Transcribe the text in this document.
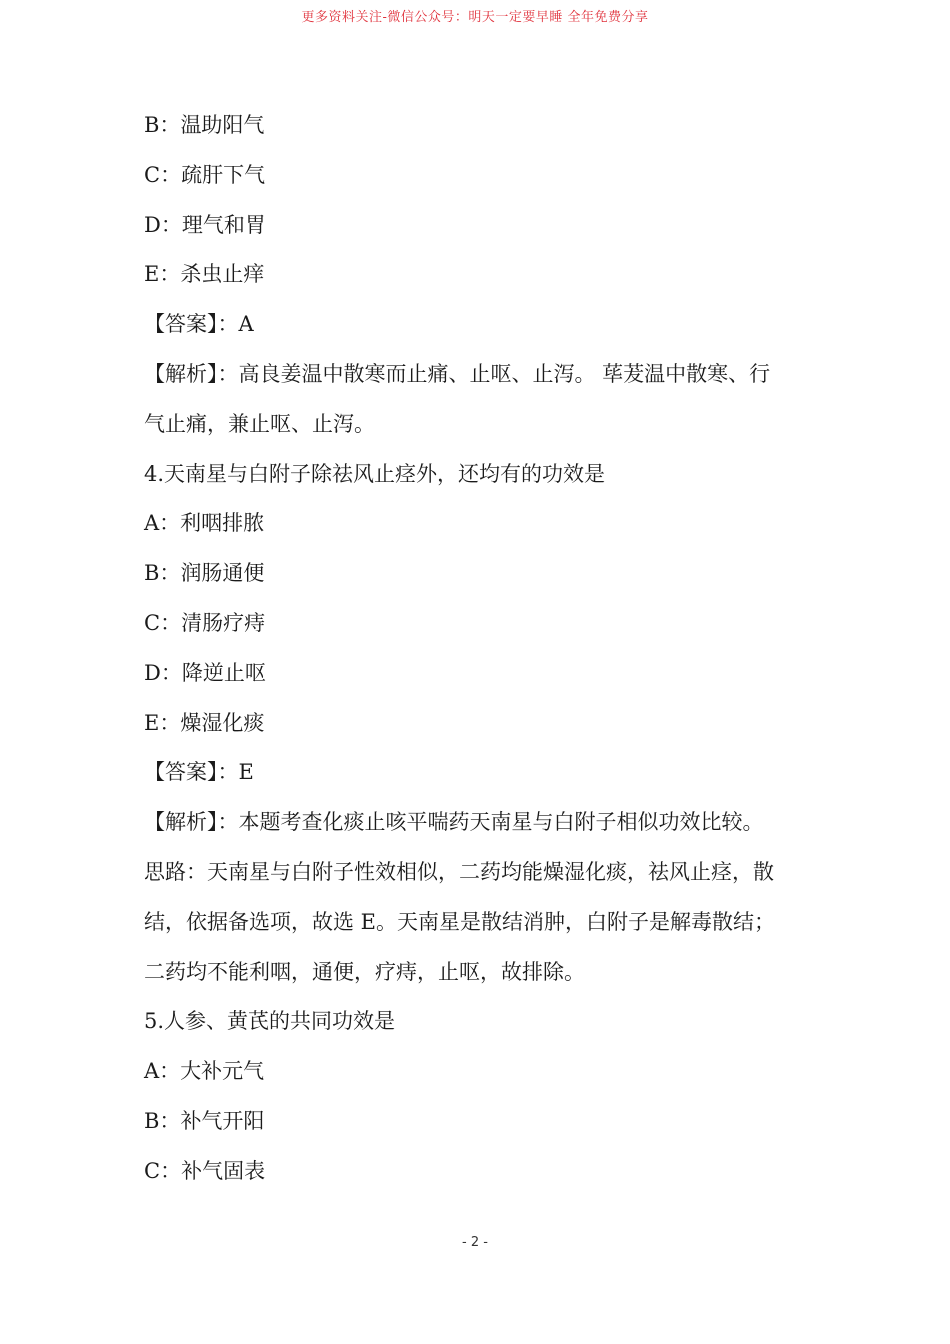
更多资料关注-微信公众号：明天一定要早睡 全年免费分享
B：温助阳气
C：疏肝下气
D：理气和胃
E：杀虫止痒
【答案】：A
【解析】：高良姜温中散寒而止痛、止呕、止泻。 荜茇温中散寒、行
气止痛，兼止呕、止泻。
4.天南星与白附子除祛风止痉外，还均有的功效是
A：利咽排脓
B：润肠通便
C：清肠疗痔
D：降逆止呕
E：燥湿化痰
【答案】：E
【解析】：本题考查化痰止咳平喘药天南星与白附子相似功效比较。
思路：天南星与白附子性效相似，二药均能燥湿化痰，祛风止痉，散
结，依据备选项，故选 E。天南星是散结消肿，白附子是解毒散结；
二药均不能利咽，通便，疗痔，止呕，故排除。
5.人参、黄芪的共同功效是
A：大补元气
B：补气开阳
C：补气固表
- 2 -
